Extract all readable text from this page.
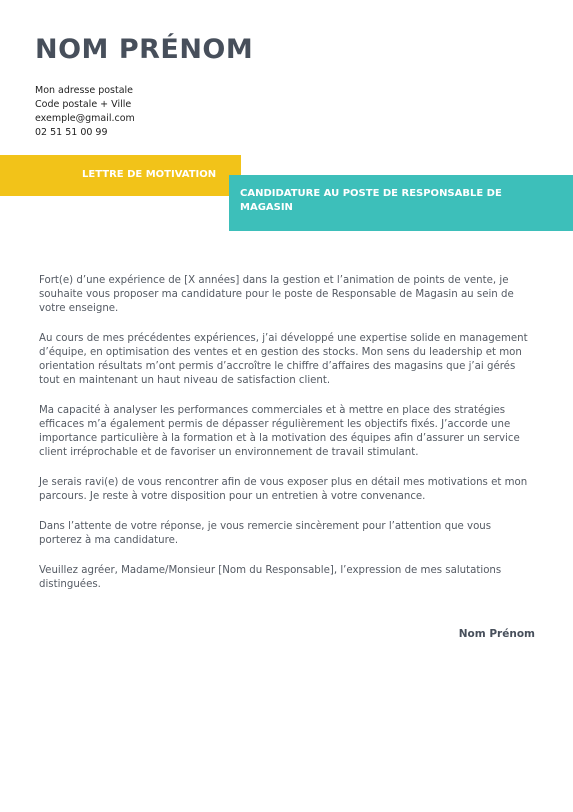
NOM PRÉNOM
Mon adresse postale
Code postale + Ville
exemple@gmail.com
02 51 51 00 99
LETTRE DE MOTIVATION
CANDIDATURE AU POSTE DE RESPONSABLE DE MAGASIN

Fort(e) d’une expérience de [X années] dans la gestion et l’animation de points de vente, je souhaite vous proposer ma candidature pour le poste de Responsable de Magasin au sein de votre enseigne.

Au cours de mes précédentes expériences, j’ai développé une expertise solide en management d’équipe, en optimisation des ventes et en gestion des stocks. Mon sens du leadership et mon orientation résultats m’ont permis d’accroître le chiffre d’affaires des magasins que j’ai gérés tout en maintenant un haut niveau de satisfaction client.

Ma capacité à analyser les performances commerciales et à mettre en place des stratégies efficaces m’a également permis de dépasser régulièrement les objectifs fixés. J’accorde une importance particulière à la formation et à la motivation des équipes afin d’assurer un service client irréprochable et de favoriser un environnement de travail stimulant.

Je serais ravi(e) de vous rencontrer afin de vous exposer plus en détail mes motivations et mon parcours. Je reste à votre disposition pour un entretien à votre convenance.

Dans l’attente de votre réponse, je vous remercie sincèrement pour l’attention que vous porterez à ma candidature.

Veuillez agréer, Madame/Monsieur [Nom du Responsable], l’expression de mes salutations distinguées.

Nom Prénom
